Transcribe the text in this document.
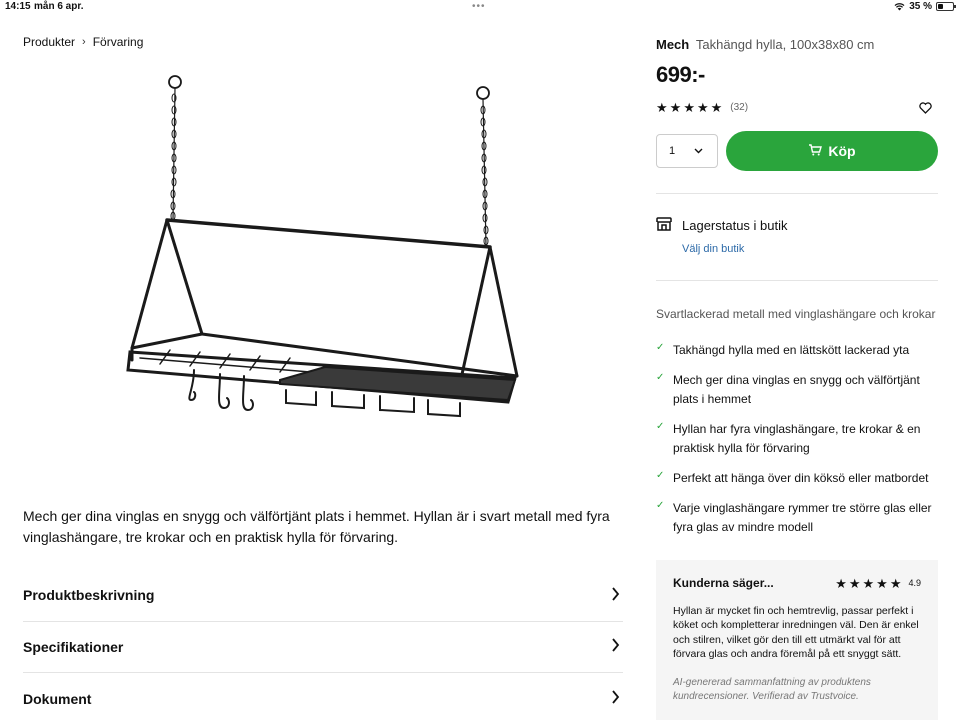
14:15 mån 6 apr.	•••	35 %
Produkter › Förvaring

Mech ger dina vinglas en snygg och välförtjänt plats i hemmet. Hyllan är i svart metall med fyra vinglashängare, tre krokar och en praktisk hylla för förvaring.

Produktbeskrivning
Specifikationer
Dokument
Mech Takhängd hylla, 100x38x80 cm
699:-
★ ★ ★ ★ ★ (32)
1	Köp
Lagerstatus i butik
Välj din butik
Svartlackerad metall med vinglashängare och krokar
✓ Takhängd hylla med en lättskött lackerad yta
✓ Mech ger dina vinglas en snygg och välförtjänt plats i hemmet
✓ Hyllan har fyra vinglashängare, tre krokar & en praktisk hylla för förvaring
✓ Perfekt att hänga över din köksö eller matbordet
✓ Varje vinglashängare rymmer tre större glas eller fyra glas av mindre modell
Kunderna säger...	★ ★ ★ ★ ★ 4.9

Hyllan är mycket fin och hemtrevlig, passar perfekt i köket och kompletterar inredningen väl. Den är enkel och stilren, vilket gör den till ett utmärkt val för att förvara glas och andra föremål på ett snyggt sätt.

AI-genererad sammanfattning av produktens kundrecensioner. Verifierad av Trustvoice.
